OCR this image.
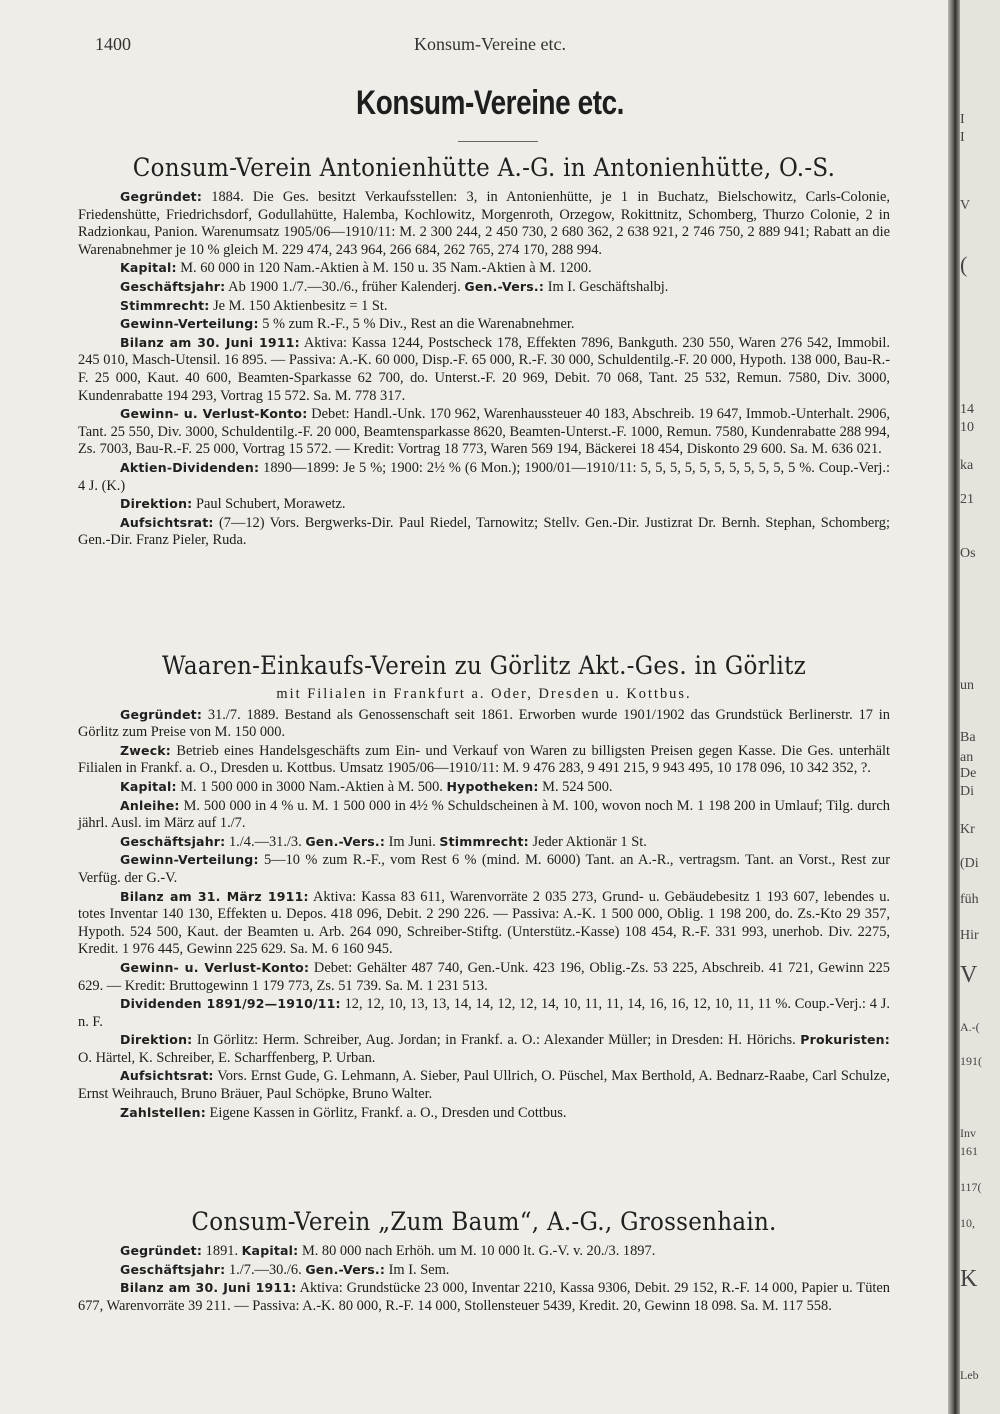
1400	Konsum-Vereine etc.
Konsum-Vereine etc.

Consum-Verein Antonienhütte A.-G. in Antonienhütte, O.-S.

Gegründet: 1884. Die Ges. besitzt Verkaufsstellen: 3, in Antonienhütte, je 1 in Buchatz, Bielschowitz, Carls-Colonie, Friedenshütte, Friedrichsdorf, Godullahütte, Halemba, Kochlowitz, Morgenroth, Orzegow, Rokittnitz, Schomberg, Thurzo Colonie, 2 in Radzionkau, Panion. Warenumsatz 1905/06—1910/11: M. 2 300 244, 2 450 730, 2 680 362, 2 638 921, 2 746 750, 2 889 941; Rabatt an die Warenabnehmer je 10 % gleich M. 229 474, 243 964, 266 684, 262 765, 274 170, 288 994.

Kapital: M. 60 000 in 120 Nam.-Aktien à M. 150 u. 35 Nam.-Aktien à M. 1200.

Geschäftsjahr: Ab 1900 1./7.—30./6., früher Kalenderj. Gen.-Vers.: Im I. Geschäftshalbj.

Stimmrecht: Je M. 150 Aktienbesitz = 1 St.

Gewinn-Verteilung: 5 % zum R.-F., 5 % Div., Rest an die Warenabnehmer.

Bilanz am 30. Juni 1911: Aktiva: Kassa 1244, Postscheck 178, Effekten 7896, Bankguth. 230 550, Waren 276 542, Immobil. 245 010, Masch-Utensil. 16 895. — Passiva: A.-K. 60 000, Disp.-F. 65 000, R.-F. 30 000, Schuldentilg.-F. 20 000, Hypoth. 138 000, Bau-R.-F. 25 000, Kaut. 40 600, Beamten-Sparkasse 62 700, do. Unterst.-F. 20 969, Debit. 70 068, Tant. 25 532, Remun. 7580, Div. 3000, Kundenrabatte 194 293, Vortrag 15 572. Sa. M. 778 317.

Gewinn- u. Verlust-Konto: Debet: Handl.-Unk. 170 962, Warenhaussteuer 40 183, Abschreib. 19 647, Immob.-Unterhalt. 2906, Tant. 25 550, Div. 3000, Schuldentilg.-F. 20 000, Beamtensparkasse 8620, Beamten-Unterst.-F. 1000, Remun. 7580, Kundenrabatte 288 994, Zs. 7003, Bau-R.-F. 25 000, Vortrag 15 572. — Kredit: Vortrag 18 773, Waren 569 194, Bäckerei 18 454, Diskonto 29 600. Sa. M. 636 021.

Aktien-Dividenden: 1890—1899: Je 5 %; 1900: 2½ % (6 Mon.); 1900/01—1910/11: 5, 5, 5, 5, 5, 5, 5, 5, 5, 5, 5 %. Coup.-Verj.: 4 J. (K.)

Direktion: Paul Schubert, Morawetz.

Aufsichtsrat: (7—12) Vors. Bergwerks-Dir. Paul Riedel, Tarnowitz; Stellv. Gen.-Dir. Justizrat Dr. Bernh. Stephan, Schomberg; Gen.-Dir. Franz Pieler, Ruda.

Waaren-Einkaufs-Verein zu Görlitz Akt.-Ges. in Görlitz

mit Filialen in Frankfurt a. Oder, Dresden u. Kottbus.

Gegründet: 31./7. 1889. Bestand als Genossenschaft seit 1861. Erworben wurde 1901/1902 das Grundstück Berlinerstr. 17 in Görlitz zum Preise von M. 150 000.

Zweck: Betrieb eines Handelsgeschäfts zum Ein- und Verkauf von Waren zu billigsten Preisen gegen Kasse. Die Ges. unterhält Filialen in Frankf. a. O., Dresden u. Kottbus. Umsatz 1905/06—1910/11: M. 9 476 283, 9 491 215, 9 943 495, 10 178 096, 10 342 352, ?.

Kapital: M. 1 500 000 in 3000 Nam.-Aktien à M. 500. Hypotheken: M. 524 500.

Anleihe: M. 500 000 in 4 % u. M. 1 500 000 in 4½ % Schuldscheinen à M. 100, wovon noch M. 1 198 200 in Umlauf; Tilg. durch jährl. Ausl. im März auf 1./7.

Geschäftsjahr: 1./4.—31./3. Gen.-Vers.: Im Juni. Stimmrecht: Jeder Aktionär 1 St.

Gewinn-Verteilung: 5—10 % zum R.-F., vom Rest 6 % (mind. M. 6000) Tant. an A.-R., vertragsm. Tant. an Vorst., Rest zur Verfüg. der G.-V.

Bilanz am 31. März 1911: Aktiva: Kassa 83 611, Warenvorräte 2 035 273, Grund- u. Gebäudebesitz 1 193 607, lebendes u. totes Inventar 140 130, Effekten u. Depos. 418 096, Debit. 2 290 226. — Passiva: A.-K. 1 500 000, Oblig. 1 198 200, do. Zs.-Kto 29 357, Hypoth. 524 500, Kaut. der Beamten u. Arb. 264 090, Schreiber-Stiftg. (Unterstütz.-Kasse) 108 454, R.-F. 331 993, unerhob. Div. 2275, Kredit. 1 976 445, Gewinn 225 629. Sa. M. 6 160 945.

Gewinn- u. Verlust-Konto: Debet: Gehälter 487 740, Gen.-Unk. 423 196, Oblig.-Zs. 53 225, Abschreib. 41 721, Gewinn 225 629. — Kredit: Bruttogewinn 1 179 773, Zs. 51 739. Sa. M. 1 231 513.

Dividenden 1891/92—1910/11: 12, 12, 10, 13, 13, 14, 14, 12, 12, 14, 10, 11, 11, 14, 16, 16, 12, 10, 11, 11 %. Coup.-Verj.: 4 J. n. F.

Direktion: In Görlitz: Herm. Schreiber, Aug. Jordan; in Frankf. a. O.: Alexander Müller; in Dresden: H. Hörichs. Prokuristen: O. Härtel, K. Schreiber, E. Scharffenberg, P. Urban.

Aufsichtsrat: Vors. Ernst Gude, G. Lehmann, A. Sieber, Paul Ullrich, O. Püschel, Max Berthold, A. Bednarz-Raabe, Carl Schulze, Ernst Weihrauch, Bruno Bräuer, Paul Schöpke, Bruno Walter.

Zahlstellen: Eigene Kassen in Görlitz, Frankf. a. O., Dresden und Cottbus.

Consum-Verein „Zum Baum“, A.-G., Grossenhain.

Gegründet: 1891. Kapital: M. 80 000 nach Erhöh. um M. 10 000 lt. G.-V. v. 20./3. 1897.

Geschäftsjahr: 1./7.—30./6. Gen.-Vers.: Im I. Sem.

Bilanz am 30. Juni 1911: Aktiva: Grundstücke 23 000, Inventar 2210, Kassa 9306, Debit. 29 152, R.-F. 14 000, Papier u. Tüten 677, Warenvorräte 39 211. — Passiva: A.-K. 80 000, R.-F. 14 000, Stollensteuer 5439, Kredit. 20, Gewinn 18 098. Sa. M. 117 558.

I
I
V
(
14
10
ka
21
Os
un
Ba
an
De
Di
Kr
(Di
füh
Hir
V
A.-(
191(
Inv
161
117(
10,
K
Leb
